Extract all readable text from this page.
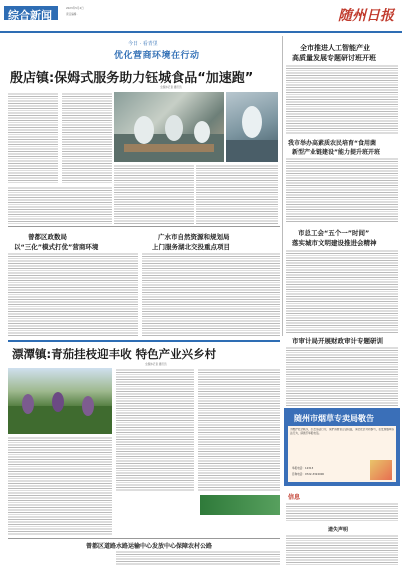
综合新闻
2023年5月4日
责任编辑 ·	随州日报
今日 · 看青里
优化营商环境在行动
殷店镇:保姆式服务助力钰城食品“加速跑”
全媒体记者 通讯员
全市推进人工智能产业
高质量发展专题研讨班开班
我市举办高素质农民培育“食用菌
新型产业链建设”能力提升班开班
市总工会“五个一”时间”
落实城市文明建设推进会精神
曾都区政数局
以“三化”模式打优”营商环境
广水市自然资源和规划局
上门服务湖北交投重点项目
市审计局开展财政审计专题研训
漂潭镇:青茄挂枝迎丰收 特色产业兴乡村
全媒体记者 通讯员
随州市烟草专卖局敬告
为维护社会秩序，打击违法行为，保护消费者合法权益，请全社会共同参与，若发现烟草违法行为，请拨打举报电话。
举报电话：12313
咨询电话：0722-3322000
曾都区道路水路运输中心发放中心保障农村公路
信息
遗失声明
